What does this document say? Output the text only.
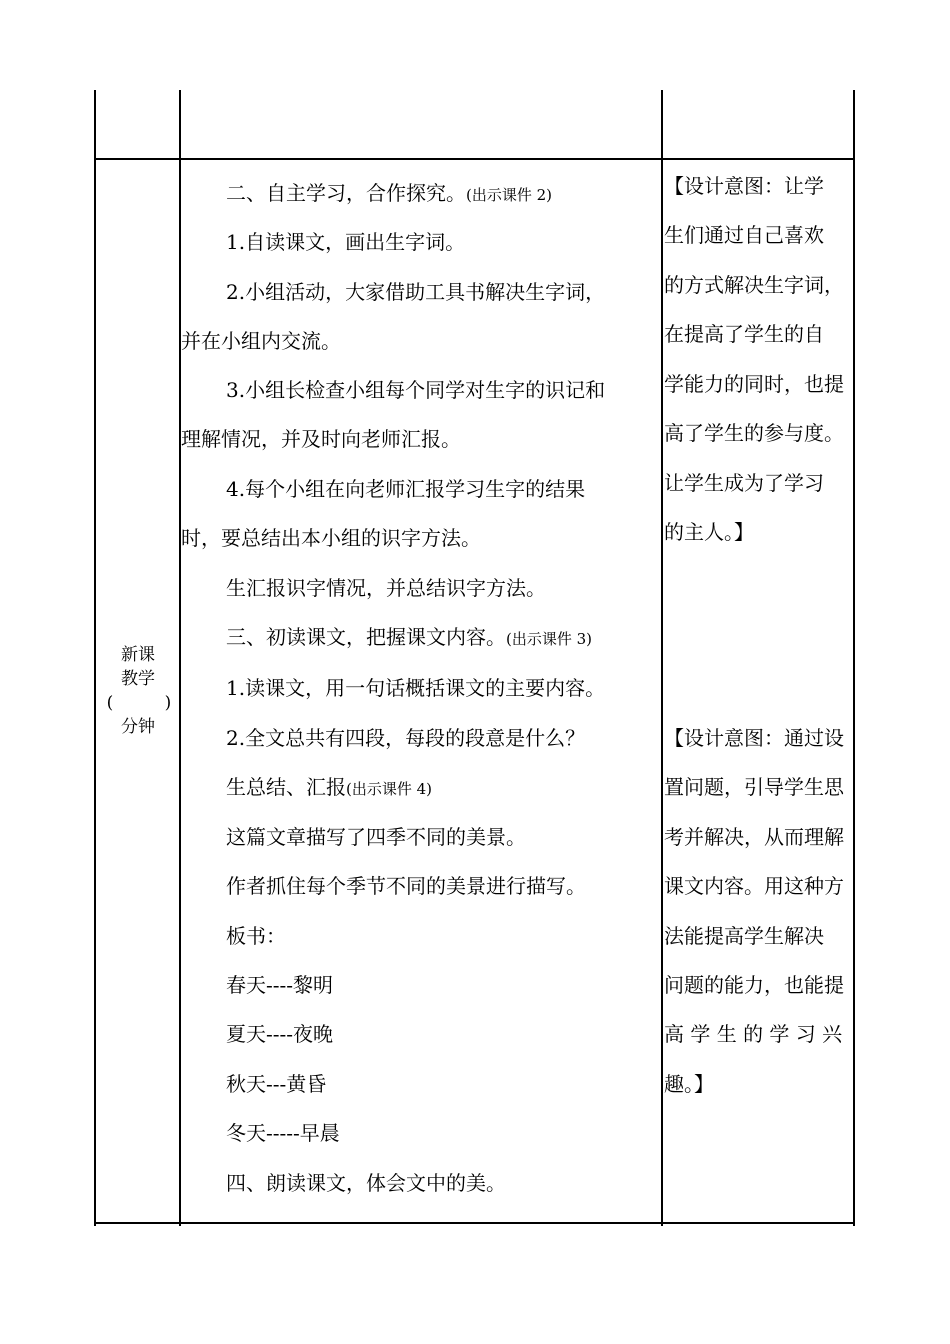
新课
教学
(	)
分钟
二、自主学习，合作探究。(出示课件 2)
1.自读课文，画出生字词。
2.小组活动，大家借助工具书解决生字词，
并在小组内交流。
3.小组长检查小组每个同学对生字的识记和
理解情况，并及时向老师汇报。
4.每个小组在向老师汇报学习生字的结果
时，要总结出本小组的识字方法。
生汇报识字情况，并总结识字方法。
三、初读课文，把握课文内容。(出示课件 3)
1.读课文，用一句话概括课文的主要内容。
2.全文总共有四段，每段的段意是什么？
生总结、汇报(出示课件 4)
这篇文章描写了四季不同的美景。
作者抓住每个季节不同的美景进行描写。
板书：
春天----黎明
夏天----夜晚
秋天---黄昏
冬天-----早晨
四、朗读课文，体会文中的美。
【设计意图：让学
生们通过自己喜欢
的方式解决生字词，
在提高了学生的自
学能力的同时，也提
高了学生的参与度。
让学生成为了学习
的主人。】
【设计意图：通过设
置问题，引导学生思
考并解决，从而理解
课文内容。用这种方
法能提高学生解决
问题的能力，也能提
高 学 生 的 学 习 兴
趣。】
